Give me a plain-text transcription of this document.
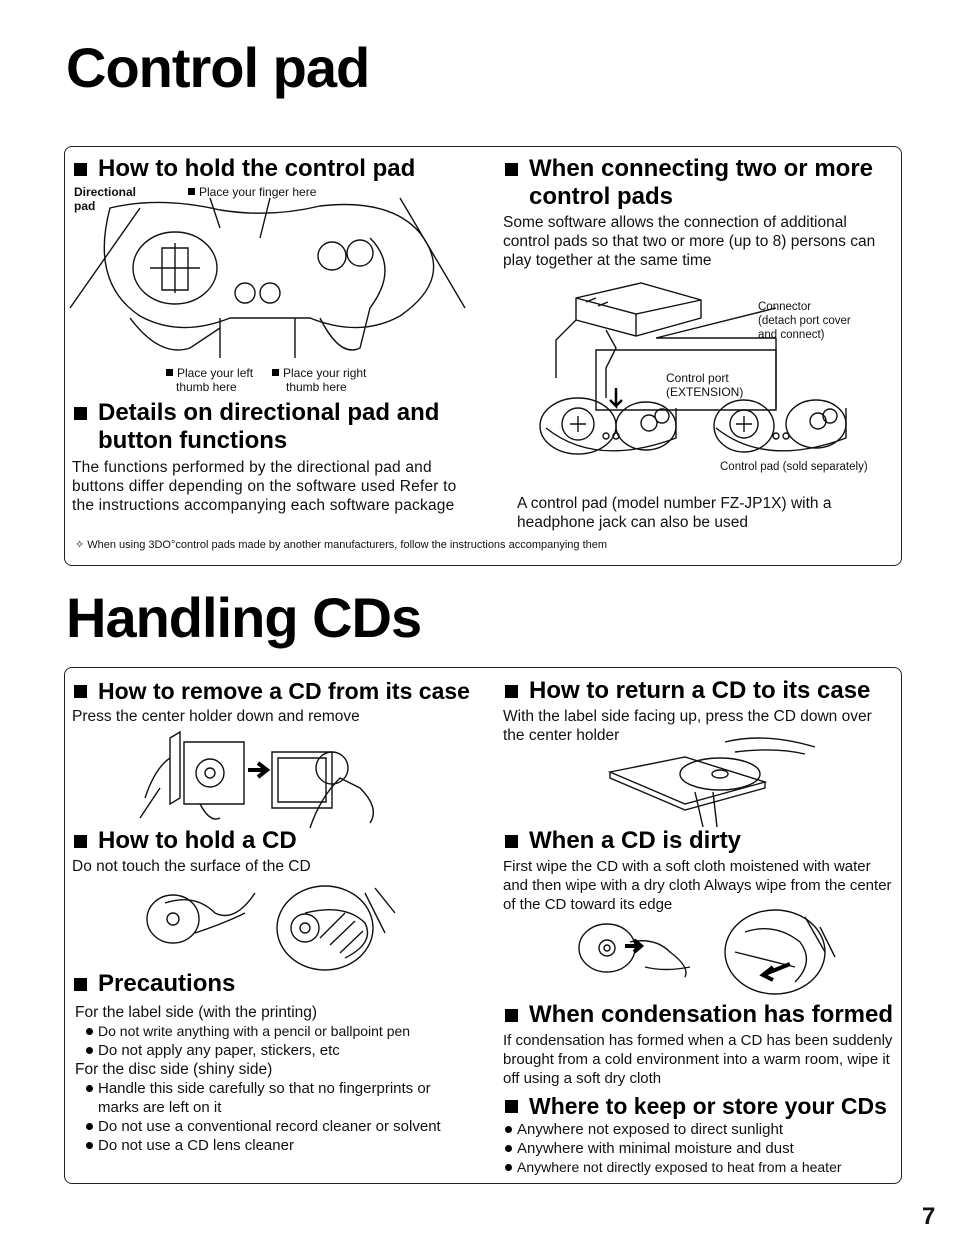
Control pad
How to hold the control pad
Directional
pad
Place your finger here
Place your left
thumb here
Place your right
thumb here
Details on directional pad and
button functions

The functions performed by the directional pad and buttons differ depending on the software used Refer to the instructions accompanying each software package

When connecting two or more
control pads

Some software allows the connection of additional control pads so that two or more (up to 8) persons can play together at the same time

Connector
(detach port cover
and connect)
Control port
(EXTENSION)
Control pad (sold separately)

A control pad (model number FZ-JP1X) with a headphone jack can also be used

✧ When using 3DO°control pads made by another manufacturers, follow the instructions accompanying them
Handling CDs
How to remove a CD from its case

Press the center holder down and remove

How to return a CD to its case

With the label side facing up, press the CD down over the center holder

How to hold a CD

Do not touch the surface of the CD

When a CD is dirty

First wipe the CD with a soft cloth moistened with water and then wipe with a dry cloth Always wipe from the center of the CD toward its edge

Precautions

For the label side (with the printing)

Do not write anything with a pencil or ballpoint pen
Do not apply any paper, stickers, etc

For the disc side (shiny side)

Handle this side carefully so that no fingerprints or marks are left on it
Do not use a conventional record cleaner or solvent
Do not use a CD lens cleaner
When condensation has formed

If condensation has formed when a CD has been suddenly brought from a cold environment into a warm room, wipe it off using a soft dry cloth

Where to keep or store your CDs
Anywhere not exposed to direct sunlight
Anywhere with minimal moisture and dust
Anywhere not directly exposed to heat from a heater
7
